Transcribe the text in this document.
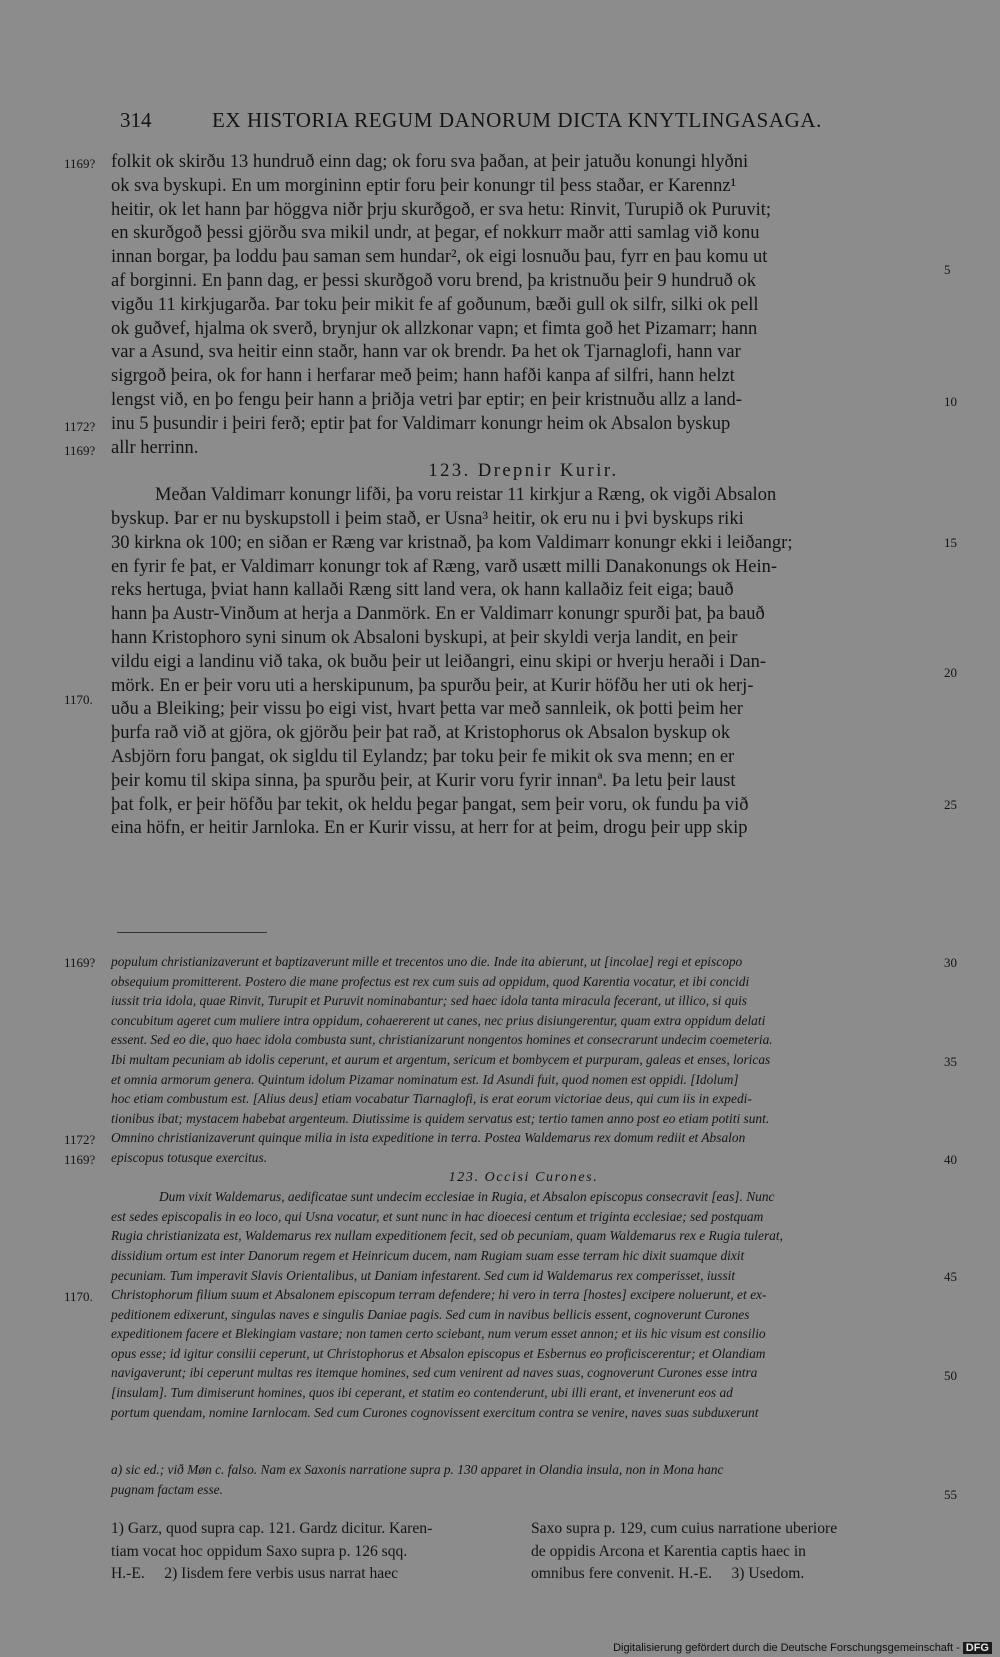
314	EX HISTORIA REGUM DANORUM DICTA KNYTLINGASAGA.
1169?
1172?
1169?
1170.
5
10
15
20
25
folkit ok skirðu 13 hundruð einn dag; ok foru sva þaðan, at þeir jatuðu konungi hlyðni
ok sva byskupi. En um morgininn eptir foru þeir konungr til þess staðar, er Karennz¹
heitir, ok let hann þar höggva niðr þrju skurðgoð, er sva hetu: Rinvit, Turupið ok Puruvit;
en skurðgoð þessi gjörðu sva mikil undr, at þegar, ef nokkurr maðr atti samlag við konu
innan borgar, þa loddu þau saman sem hundar², ok eigi losnuðu þau, fyrr en þau komu ut
af borginni. En þann dag, er þessi skurðgoð voru brend, þa kristnuðu þeir 9 hundruð ok
vigðu 11 kirkjugarða. Þar toku þeir mikit fe af goðunum, bæði gull ok silfr, silki ok pell
ok guðvef, hjalma ok sverð, brynjur ok allzkonar vapn; et fimta goð het Pizamarr; hann
var a Asund, sva heitir einn staðr, hann var ok brendr. Þa het ok Tjarnaglofi, hann var
sigrgoð þeira, ok for hann i herfarar með þeim; hann hafði kanpa af silfri, hann helzt
lengst við, en þo fengu þeir hann a þriðja vetri þar eptir; en þeir kristnuðu allz a land-
inu 5 þusundir i þeiri ferð; eptir þat for Valdimarr konungr heim ok Absalon byskup
allr herrinn.
123. Drepnir Kurir.
Meðan Valdimarr konungr lifði, þa voru reistar 11 kirkjur a Ræng, ok vigði Absalon
byskup. Þar er nu byskupstoll i þeim stað, er Usna³ heitir, ok eru nu i þvi byskups riki
30 kirkna ok 100; en siðan er Ræng var kristnað, þa kom Valdimarr konungr ekki i leiðangr;
en fyrir fe þat, er Valdimarr konungr tok af Ræng, varð usætt milli Danakonungs ok Hein-
reks hertuga, þviat hann kallaði Ræng sitt land vera, ok hann kallaðiz feit eiga; bauð
hann þa Austr-Vinðum at herja a Danmörk. En er Valdimarr konungr spurði þat, þa bauð
hann Kristophoro syni sinum ok Absaloni byskupi, at þeir skyldi verja landit, en þeir
vildu eigi a landinu við taka, ok buðu þeir ut leiðangri, einu skipi or hverju heraði i Dan-
mörk. En er þeir voru uti a herskipunum, þa spurðu þeir, at Kurir höfðu her uti ok herj-
uðu a Bleiking; þeir vissu þo eigi vist, hvart þetta var með sannleik, ok þotti þeim her
þurfa rað við at gjöra, ok gjörðu þeir þat rað, at Kristophorus ok Absalon byskup ok
Asbjörn foru þangat, ok sigldu til Eylandz; þar toku þeir fe mikit ok sva menn; en er
þeir komu til skipa sinna, þa spurðu þeir, at Kurir voru fyrir innanª. Þa letu þeir laust
þat folk, er þeir höfðu þar tekit, ok heldu þegar þangat, sem þeir voru, ok fundu þa við
eina höfn, er heitir Jarnloka. En er Kurir vissu, at herr for at þeim, drogu þeir upp skip
1169?
1172?
1169?
1170.
30
35
40
45
50
55
populum christianizaverunt et baptizaverunt mille et trecentos uno die. Inde ita abierunt, ut [incolae] regi et episcopo
obsequium promitterent. Postero die mane profectus est rex cum suis ad oppidum, quod Karentia vocatur, et ibi concidi
iussit tria idola, quae Rinvit, Turupit et Puruvit nominabantur; sed haec idola tanta miracula fecerant, ut illico, si quis
concubitum ageret cum muliere intra oppidum, cohaererent ut canes, nec prius disiungerentur, quam extra oppidum delati
essent. Sed eo die, quo haec idola combusta sunt, christianizarunt nongentos homines et consecrarunt undecim coemeteria.
Ibi multam pecuniam ab idolis ceperunt, et aurum et argentum, sericum et bombycem et purpuram, galeas et enses, loricas
et omnia armorum genera. Quintum idolum Pizamar nominatum est. Id Asundi fuit, quod nomen est oppidi. [Idolum]
hoc etiam combustum est. [Alius deus] etiam vocabatur Tiarnaglofi, is erat eorum victoriae deus, qui cum iis in expedi-
tionibus ibat; mystacem habebat argenteum. Diutissime is quidem servatus est; tertio tamen anno post eo etiam potiti sunt.
Omnino christianizaverunt quinque milia in ista expeditione in terra. Postea Waldemarus rex domum rediit et Absalon
episcopus totusque exercitus.
123. Occisi Curones.
Dum vixit Waldemarus, aedificatae sunt undecim ecclesiae in Rugia, et Absalon episcopus consecravit [eas]. Nunc
est sedes episcopalis in eo loco, qui Usna vocatur, et sunt nunc in hac dioecesi centum et triginta ecclesiae; sed postquam
Rugia christianizata est, Waldemarus rex nullam expeditionem fecit, sed ob pecuniam, quam Waldemarus rex e Rugia tulerat,
dissidium ortum est inter Danorum regem et Heinricum ducem, nam Rugiam suam esse terram hic dixit suamque dixit
pecuniam. Tum imperavit Slavis Orientalibus, ut Daniam infestarent. Sed cum id Waldemarus rex comperisset, iussit
Christophorum filium suum et Absalonem episcopum terram defendere; hi vero in terra [hostes] excipere noluerunt, et ex-
peditionem edixerunt, singulas naves e singulis Daniae pagis. Sed cum in navibus bellicis essent, cognoverunt Curones
expeditionem facere et Blekingiam vastare; non tamen certo sciebant, num verum esset annon; et iis hic visum est consilio
opus esse; id igitur consilii ceperunt, ut Christophorus et Absalon episcopus et Esbernus eo proficiscerentur; et Olandiam
navigaverunt; ibi ceperunt multas res itemque homines, sed cum venirent ad naves suas, cognoverunt Curones esse intra
[insulam]. Tum dimiserunt homines, quos ibi ceperant, et statim eo contenderunt, ubi illi erant, et invenerunt eos ad
portum quendam, nomine Iarnlocam. Sed cum Curones cognovissent exercitum contra se venire, naves suas subduxerunt
a) sic ed.; við Møn c. falso. Nam ex Saxonis narratione supra p. 130 apparet in Olandia insula, non in Mona hanc
pugnam factam esse.
1) Garz, quod supra cap. 121. Gardz dicitur. Karen-
tiam vocat hoc oppidum Saxo supra p. 126 sqq.
H.-E.     2) Iisdem fere verbis usus narrat haec
Saxo supra p. 129, cum cuius narratione uberiore
de oppidis Arcona et Karentia captis haec in
omnibus fere convenit. H.-E.     3) Usedom.
Digitalisierung gefördert durch die Deutsche Forschungsgemeinschaft - DFG
